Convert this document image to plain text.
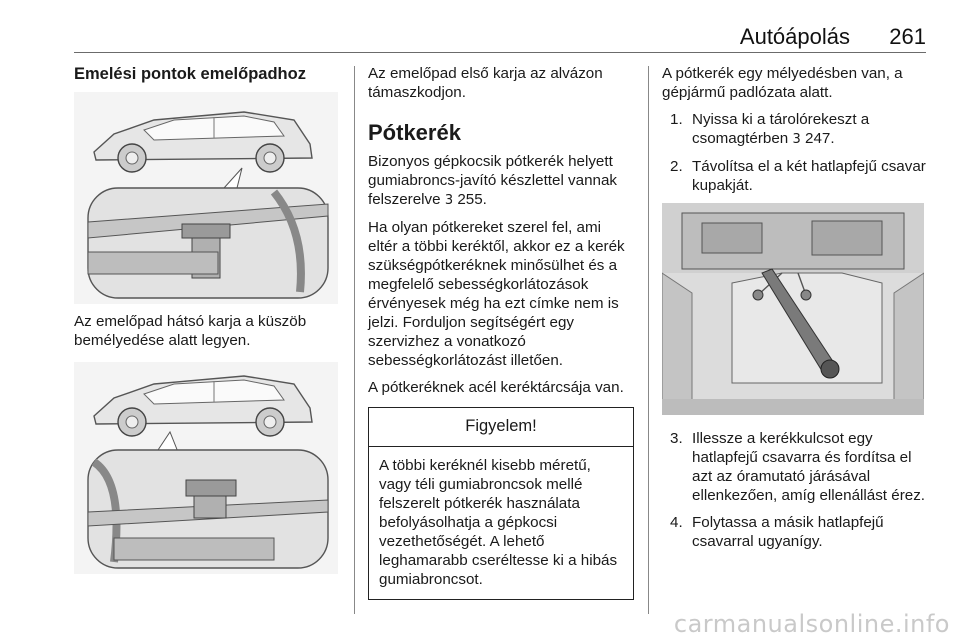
Autóápolás 261
Emelési pontok emelőpadhoz

Az emelőpad hátsó karja a küszöb bemélyedése alatt legyen.

Az emelőpad első karja az alvázon támaszkodjon.

Pótkerék

Bizonyos gépkocsik pótkerék helyett gumiabroncs-javító készlettel vannak felszerelve 3 255.

Ha olyan pótkereket szerel fel, ami eltér a többi keréktől, akkor ez a kerék szükségpótkeréknek minősülhet és a megfelelő sebességkorlátozások érvényesek még ha ezt címke nem is jelzi. Forduljon segítségért egy szervizhez a vonatkozó sebességkorlátozást illetően.

A pótkeréknek acél keréktárcsája van.

Figyelem!
A többi keréknél kisebb méretű, vagy téli gumiabroncsok mellé felszerelt pótkerék használata befolyásolhatja a gépkocsi vezethetőségét. A lehető leghamarabb cseréltesse ki a hibás gumiabroncsot.

A pótkerék egy mélyedésben van, a gépjármű padlózata alatt.

1. Nyissa ki a tárolórekeszt a csomagtérben 3 247.
2. Távolítsa el a két hatlapfejű csavar kupakját.
3. Illessze a kerékkulcsot egy hatlapfejű csavarra és fordítsa el azt az óramutató járásával ellenkezően, amíg ellenállást érez.
4. Folytassa a másik hatlapfejű csavarral ugyanígy.
carmanualsonline.info
